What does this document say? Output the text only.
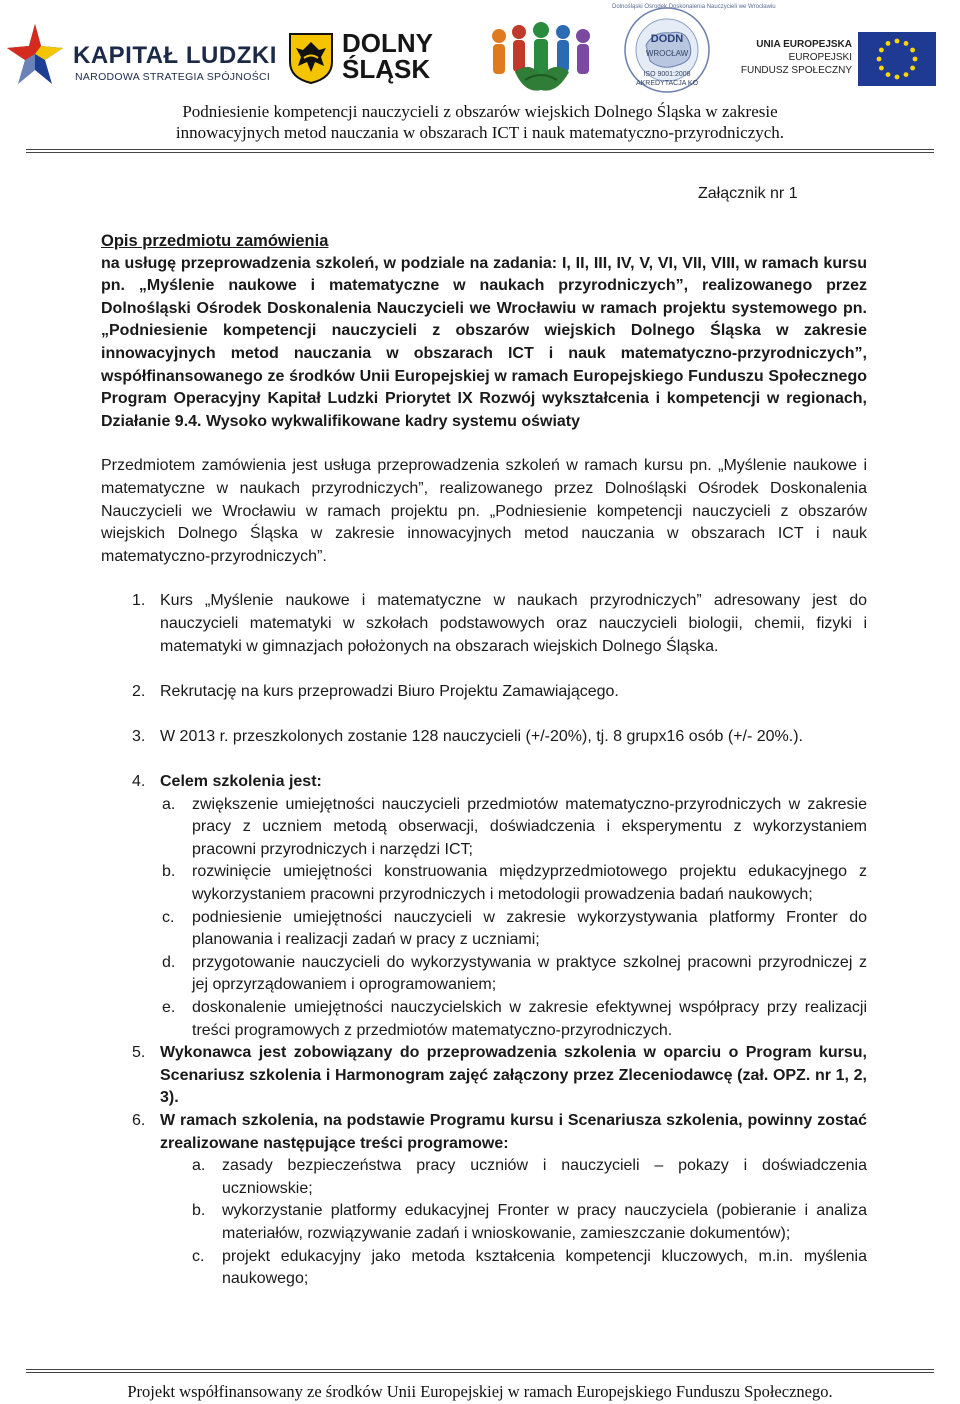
KAPITAŁ LUDZKI
NARODOWA STRATEGIA SPÓJNOŚCI
DOLNY
ŚLĄSK
DODN
WROCŁAW
ISO 9001:2008
AKREDYTACJA KO
Dolnośląski Ośrodek Doskonalenia Nauczycieli we Wrocławiu
UNIA EUROPEJSKA
EUROPEJSKI
FUNDUSZ SPOŁECZNY
Podniesienie kompetencji nauczycieli z obszarów wiejskich Dolnego Śląska w zakresie
innowacyjnych metod nauczania w obszarach ICT i nauk matematyczno-przyrodniczych.
Załącznik nr 1
Opis przedmiotu zamówienia
na usługę przeprowadzenia szkoleń, w podziale na zadania: I, II, III, IV, V, VI, VII, VIII, w ramach kursu pn. „Myślenie naukowe i matematyczne w naukach przyrodniczych”, realizowanego przez Dolnośląski Ośrodek Doskonalenia Nauczycieli we Wrocławiu w ramach projektu systemowego pn. „Podniesienie kompetencji nauczycieli z obszarów wiejskich Dolnego Śląska w zakresie innowacyjnych metod nauczania w obszarach ICT i nauk matematyczno-przyrodniczych”, współfinansowanego ze środków Unii Europejskiej w ramach Europejskiego Funduszu Społecznego Program Operacyjny Kapitał Ludzki Priorytet IX Rozwój wykształcenia i kompetencji w regionach, Działanie 9.4. Wysoko wykwalifikowane kadry systemu oświaty
Przedmiotem zamówienia jest usługa przeprowadzenia szkoleń w ramach kursu pn. „Myślenie naukowe i matematyczne w naukach przyrodniczych”, realizowanego przez Dolnośląski Ośrodek Doskonalenia Nauczycieli we Wrocławiu w ramach projektu pn. „Podniesienie kompetencji nauczycieli z obszarów wiejskich Dolnego Śląska w zakresie innowacyjnych metod nauczania w obszarach ICT i nauk matematyczno-przyrodniczych”.
1. Kurs „Myślenie naukowe i matematyczne w naukach przyrodniczych” adresowany jest do nauczycieli matematyki w szkołach podstawowych oraz nauczycieli biologii, chemii, fizyki i matematyki w gimnazjach położonych na obszarach wiejskich Dolnego Śląska.
2. Rekrutację na kurs przeprowadzi Biuro Projektu Zamawiającego.
3. W 2013 r. przeszkolonych zostanie 128 nauczycieli (+/-20%), tj. 8 grupx16 osób (+/- 20%.).
4. Celem szkolenia jest:
a. zwiększenie umiejętności nauczycieli przedmiotów matematyczno-przyrodniczych w zakresie pracy z uczniem metodą obserwacji, doświadczenia i eksperymentu z wykorzystaniem pracowni przyrodniczych i narzędzi ICT;
b. rozwinięcie umiejętności konstruowania międzyprzedmiotowego projektu edukacyjnego z wykorzystaniem pracowni przyrodniczych i metodologii prowadzenia badań naukowych;
c. podniesienie umiejętności nauczycieli w zakresie wykorzystywania platformy Fronter do planowania i realizacji zadań w pracy z uczniami;
d. przygotowanie nauczycieli do wykorzystywania w praktyce szkolnej pracowni przyrodniczej z jej oprzyrządowaniem i oprogramowaniem;
e. doskonalenie umiejętności nauczycielskich w zakresie efektywnej współpracy przy realizacji treści programowych z przedmiotów matematyczno-przyrodniczych.
5. Wykonawca jest zobowiązany do przeprowadzenia szkolenia w oparciu o Program kursu, Scenariusz szkolenia i Harmonogram zajęć załączony przez Zleceniodawcę (zał. OPZ. nr 1, 2, 3).
6. W ramach szkolenia, na podstawie Programu kursu i Scenariusza szkolenia, powinny zostać zrealizowane następujące treści programowe:
a. zasady bezpieczeństwa pracy uczniów i nauczycieli – pokazy i doświadczenia uczniowskie;
b. wykorzystanie platformy edukacyjnej Fronter w pracy nauczyciela (pobieranie i analiza materiałów, rozwiązywanie zadań i wnioskowanie, zamieszczanie dokumentów);
c. projekt edukacyjny jako metoda kształcenia kompetencji kluczowych, m.in. myślenia naukowego;
Projekt współfinansowany ze środków Unii Europejskiej w ramach Europejskiego Funduszu Społecznego.
